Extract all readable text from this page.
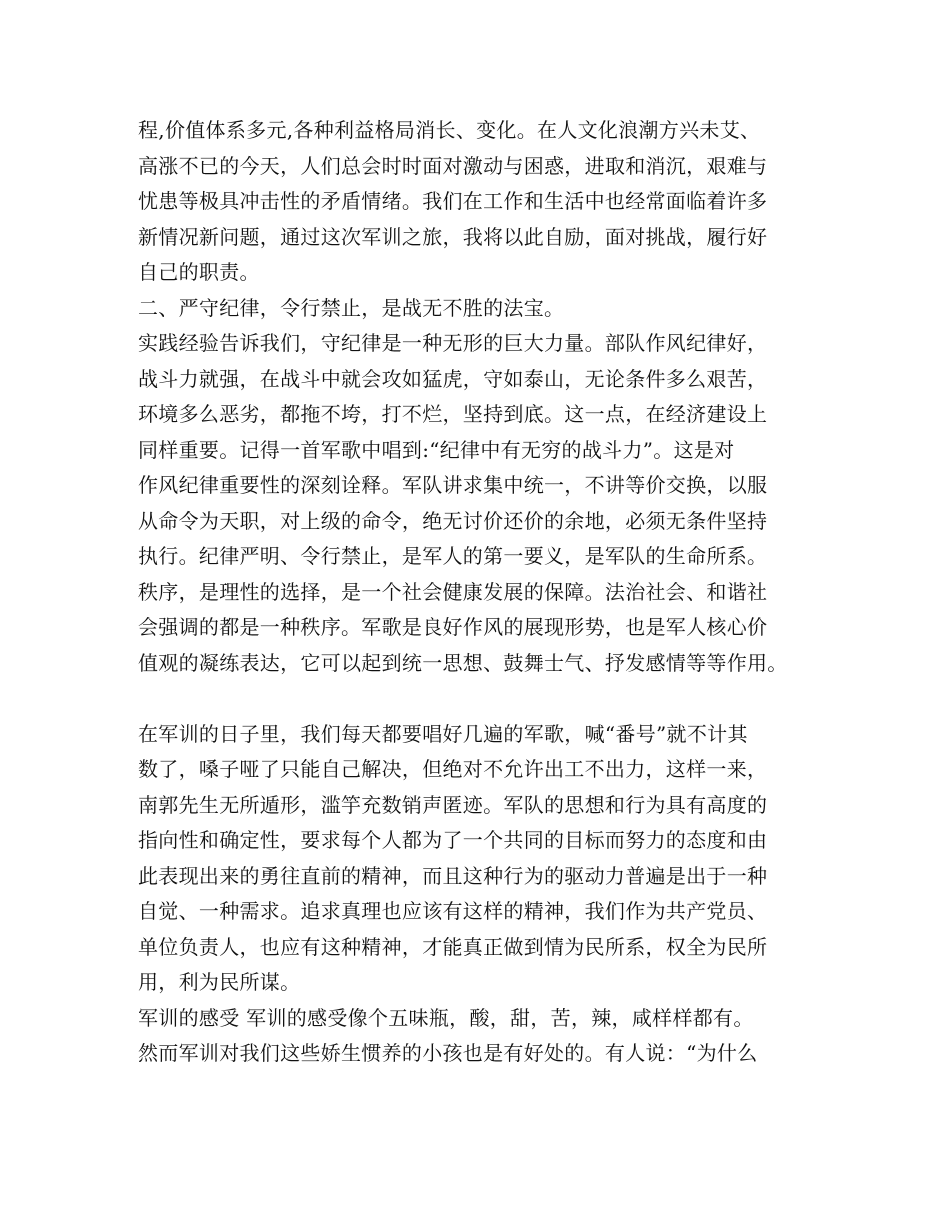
程,价值体系多元,各种利益格局消长、变化。在人文化浪潮方兴未艾、
高涨不已的今天，人们总会时时面对激动与困惑，进取和消沉，艰难与
忧患等极具冲击性的矛盾情绪。我们在工作和生活中也经常面临着许多
新情况新问题，通过这次军训之旅，我将以此自励，面对挑战，履行好
自己的职责。
二、严守纪律，令行禁止，是战无不胜的法宝。
实践经验告诉我们，守纪律是一种无形的巨大力量。部队作风纪律好，
战斗力就强，在战斗中就会攻如猛虎，守如泰山，无论条件多么艰苦，
环境多么恶劣，都拖不垮，打不烂，坚持到底。这一点，在经济建设上
同样重要。记得一首军歌中唱到:“纪律中有无穷的战斗力”。这是对
作风纪律重要性的深刻诠释。军队讲求集中统一，不讲等价交换，以服
从命令为天职，对上级的命令，绝无讨价还价的余地，必须无条件坚持
执行。纪律严明、令行禁止，是军人的第一要义，是军队的生命所系。
秩序，是理性的选择，是一个社会健康发展的保障。法治社会、和谐社
会强调的都是一种秩序。军歌是良好作风的展现形势，也是军人核心价
值观的凝练表达，它可以起到统一思想、鼓舞士气、抒发感情等等作用。
在军训的日子里，我们每天都要唱好几遍的军歌，喊“番号”就不计其
数了，嗓子哑了只能自己解决，但绝对不允许出工不出力，这样一来，
南郭先生无所遁形，滥竽充数销声匿迹。军队的思想和行为具有高度的
指向性和确定性，要求每个人都为了一个共同的目标而努力的态度和由
此表现出来的勇往直前的精神，而且这种行为的驱动力普遍是出于一种
自觉、一种需求。追求真理也应该有这样的精神，我们作为共产党员、
单位负责人，也应有这种精神，才能真正做到情为民所系，权全为民所
用，利为民所谋。
军训的感受 军训的感受像个五味瓶，酸，甜，苦，辣，咸样样都有。
然而军训对我们这些娇生惯养的小孩也是有好处的。有人说：“为什么
